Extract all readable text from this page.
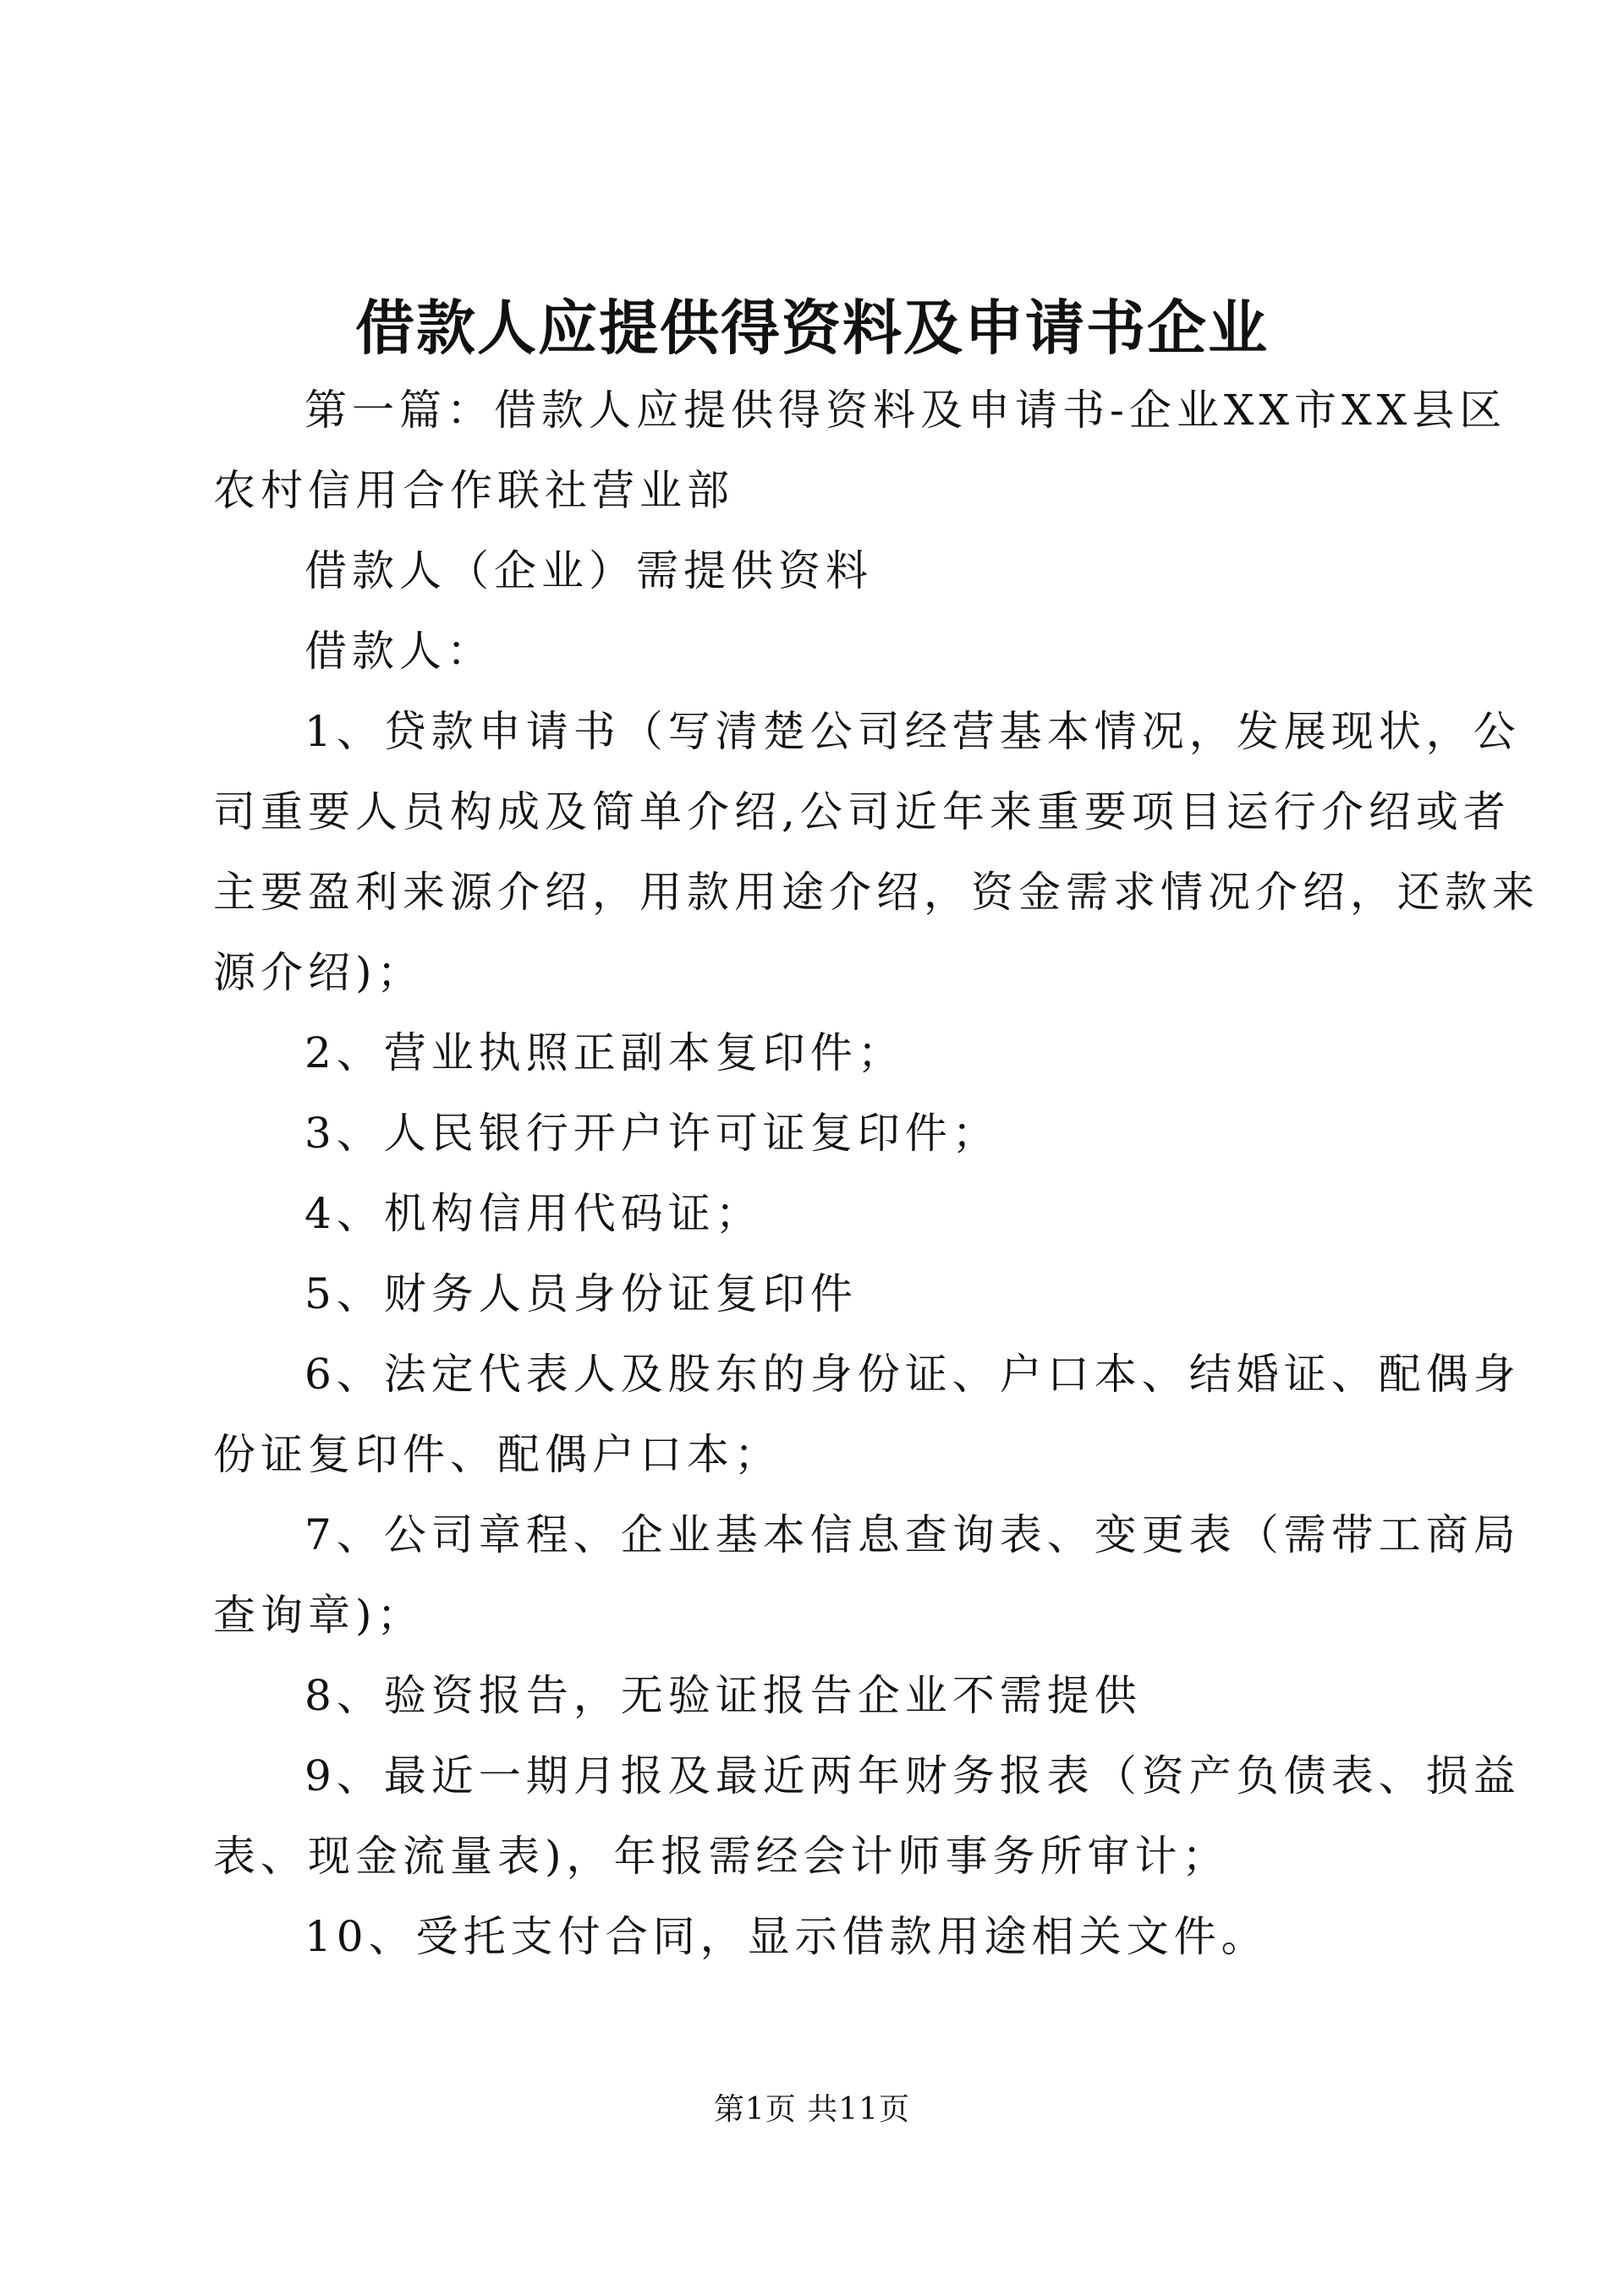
借款人应提供得资料及申请书企业

第一篇：借款人应提供得资料及申请书-企业XX市XX县区

农村信用合作联社营业部

借款人（企业）需提供资料

借款人：

1、贷款申请书（写清楚公司经营基本情况，发展现状，公

司重要人员构成及简单介绍,公司近年来重要项目运行介绍或者

主要盈利来源介绍，用款用途介绍，资金需求情况介绍，还款来

源介绍)；

2、营业执照正副本复印件；

3、人民银行开户许可证复印件；

4、机构信用代码证；

5、财务人员身份证复印件

6、法定代表人及股东的身份证、户口本、结婚证、配偶身

份证复印件、配偶户口本；

7、公司章程、企业基本信息查询表、变更表（需带工商局

查询章)；

8、验资报告，无验证报告企业不需提供

9、最近一期月报及最近两年财务报表（资产负债表、损益

表、现金流量表)，年报需经会计师事务所审计；

10、受托支付合同，显示借款用途相关文件。

第1页 共11页
